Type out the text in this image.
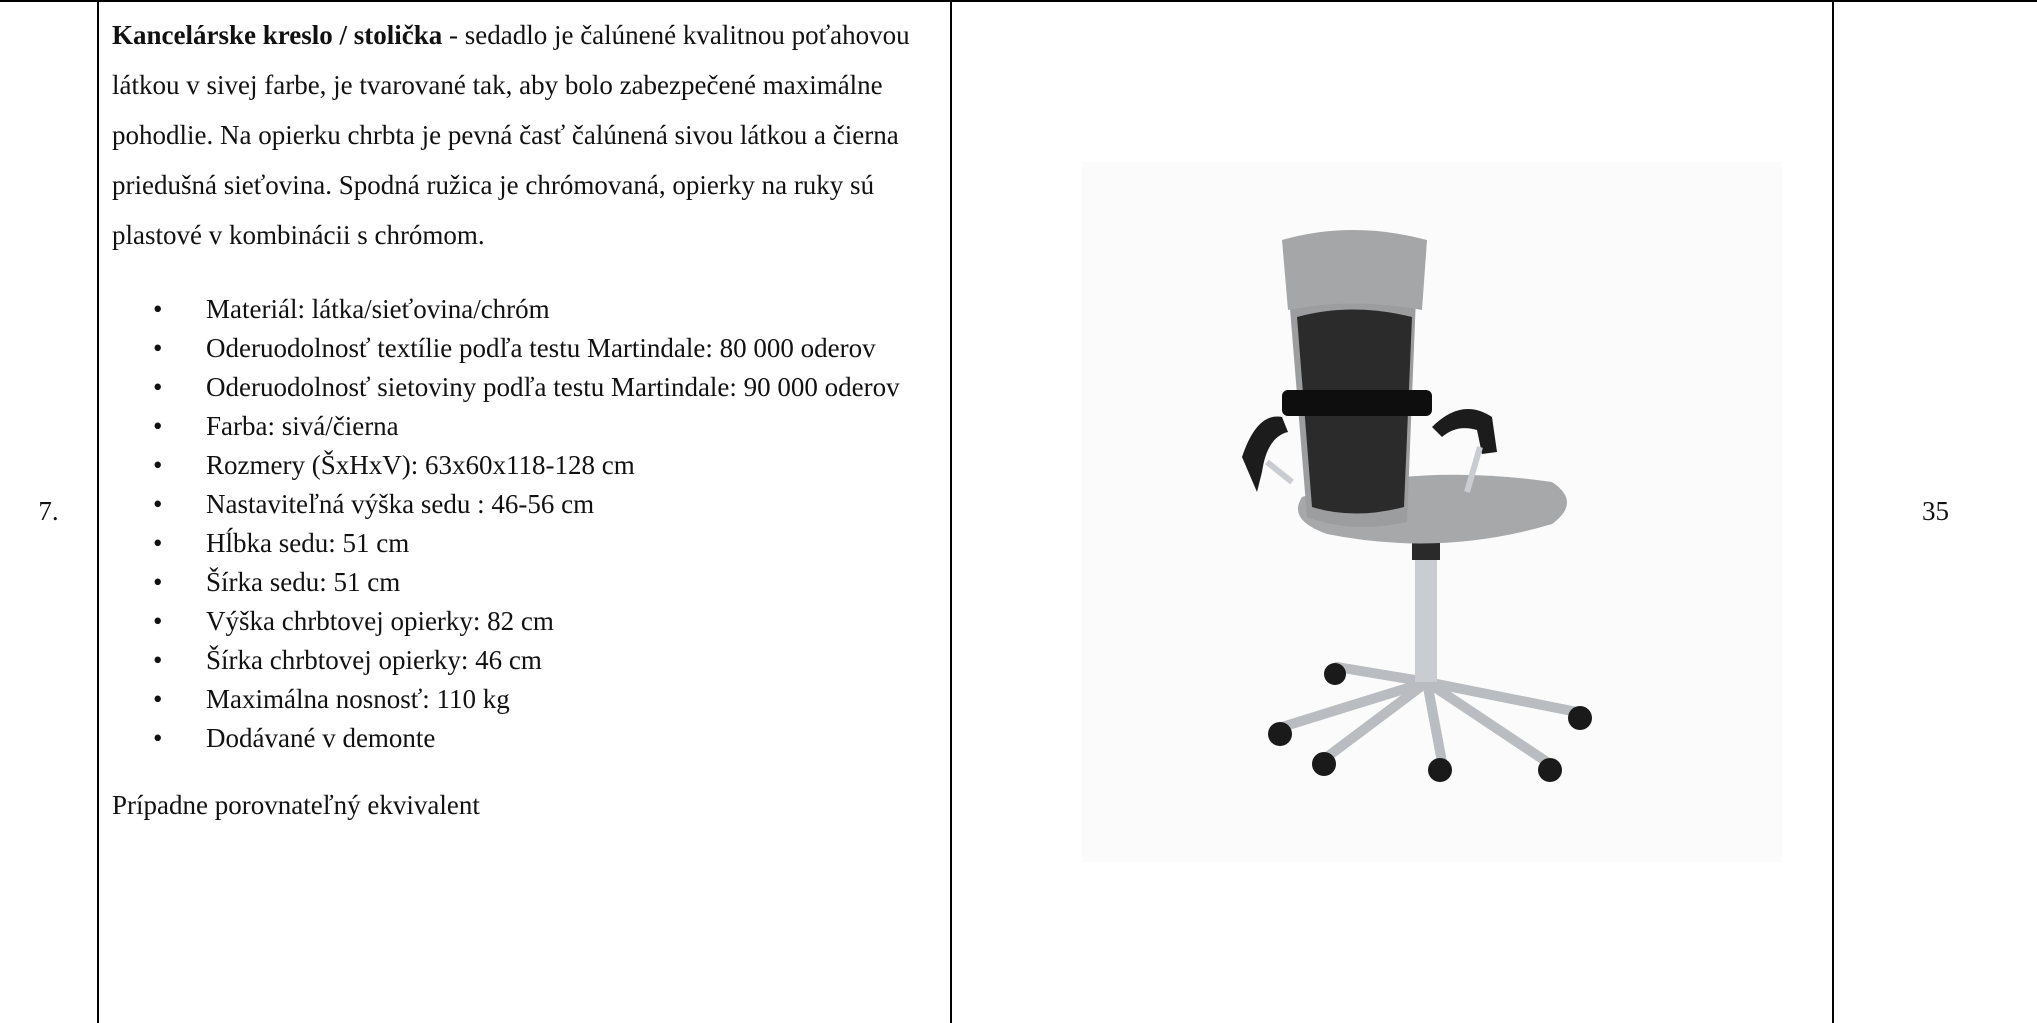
7.

Kancelárske kreslo / stolička - sedadlo je čalúnené kvalitnou poťahovou látkou v sivej farbe, je tvarované tak, aby bolo zabezpečené maximálne pohodlie. Na opierku chrbta je pevná časť čalúnená sivou látkou a čierna priedušná sieťovina. Spodná ružica je chrómovaná, opierky na ruky sú plastové v kombinácii s chrómom.

• Materiál: látka/sieťovina/chróm
• Oderuodolnosť textílie podľa testu Martindale: 80 000 oderov
• Oderuodolnosť sietoviny podľa testu Martindale: 90 000 oderov
• Farba: sivá/čierna
• Rozmery (ŠxHxV): 63x60x118-128 cm
• Nastaviteľná výška sedu : 46-56 cm
• Hĺbka sedu: 51 cm
• Šírka sedu: 51 cm
• Výška chrbtovej opierky: 82 cm
• Šírka chrbtovej opierky: 46 cm
• Maximálna nosnosť: 110 kg
• Dodávané v demonte
Prípadne porovnateľný ekvivalent
35
